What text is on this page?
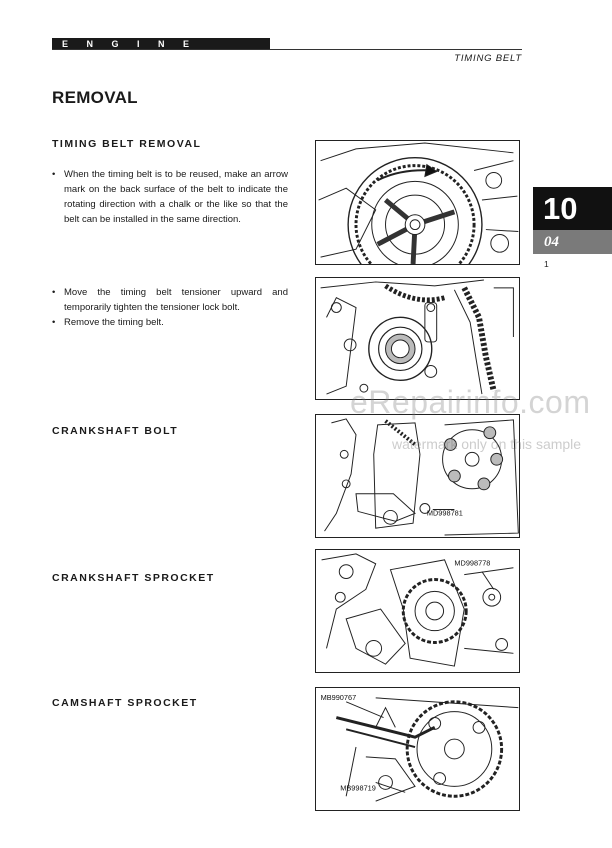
ENGINE
TIMING BELT
REMOVAL
TIMING BELT REMOVAL
• When the timing belt is to be reused, make an arrow mark on the back surface of the belt to indicate the rotating direction with a chalk or the like so that the belt can be installed in the same direction.
• Move the timing belt tensioner upward and temporarily tighten the tensioner lock bolt.
• Remove the timing belt.
CRANKSHAFT BOLT
CRANKSHAFT SPROCKET
CAMSHAFT SPROCKET
MD998781
MD998778
MB990767
MB998719
10
04
1
eRepairinfo.com
watermark only on this sample
